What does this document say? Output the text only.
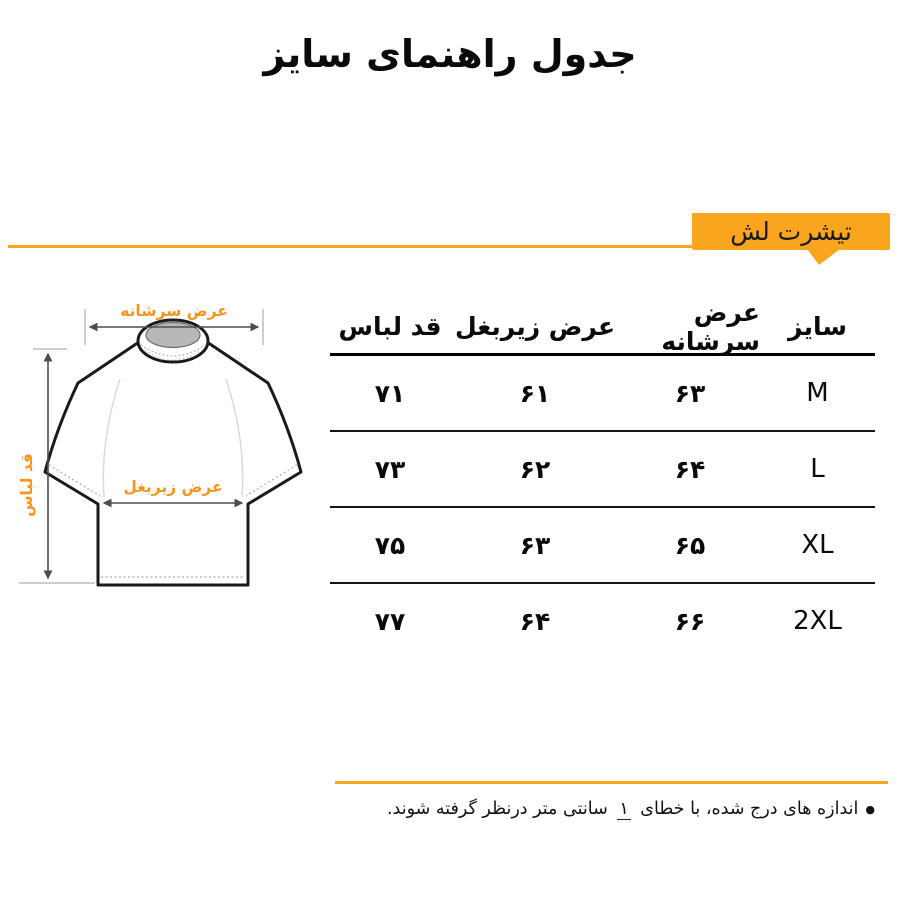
جدول راهنمای سایز
تیشرت لش
عرض سرشانه
قد لباس	عرض زیربغل
سایز
عرض سرشانه
عرض زیربغل
قد لباس
M
۶۳
۶۱
۷۱
L
۶۴
۶۲
۷۳
XL
۶۵
۶۳
۷۵
2XL
۶۶
۶۴
۷۷
●
اندازه های درج شده، با خطای ۱ سانتی متر درنظر گرفته شوند.
